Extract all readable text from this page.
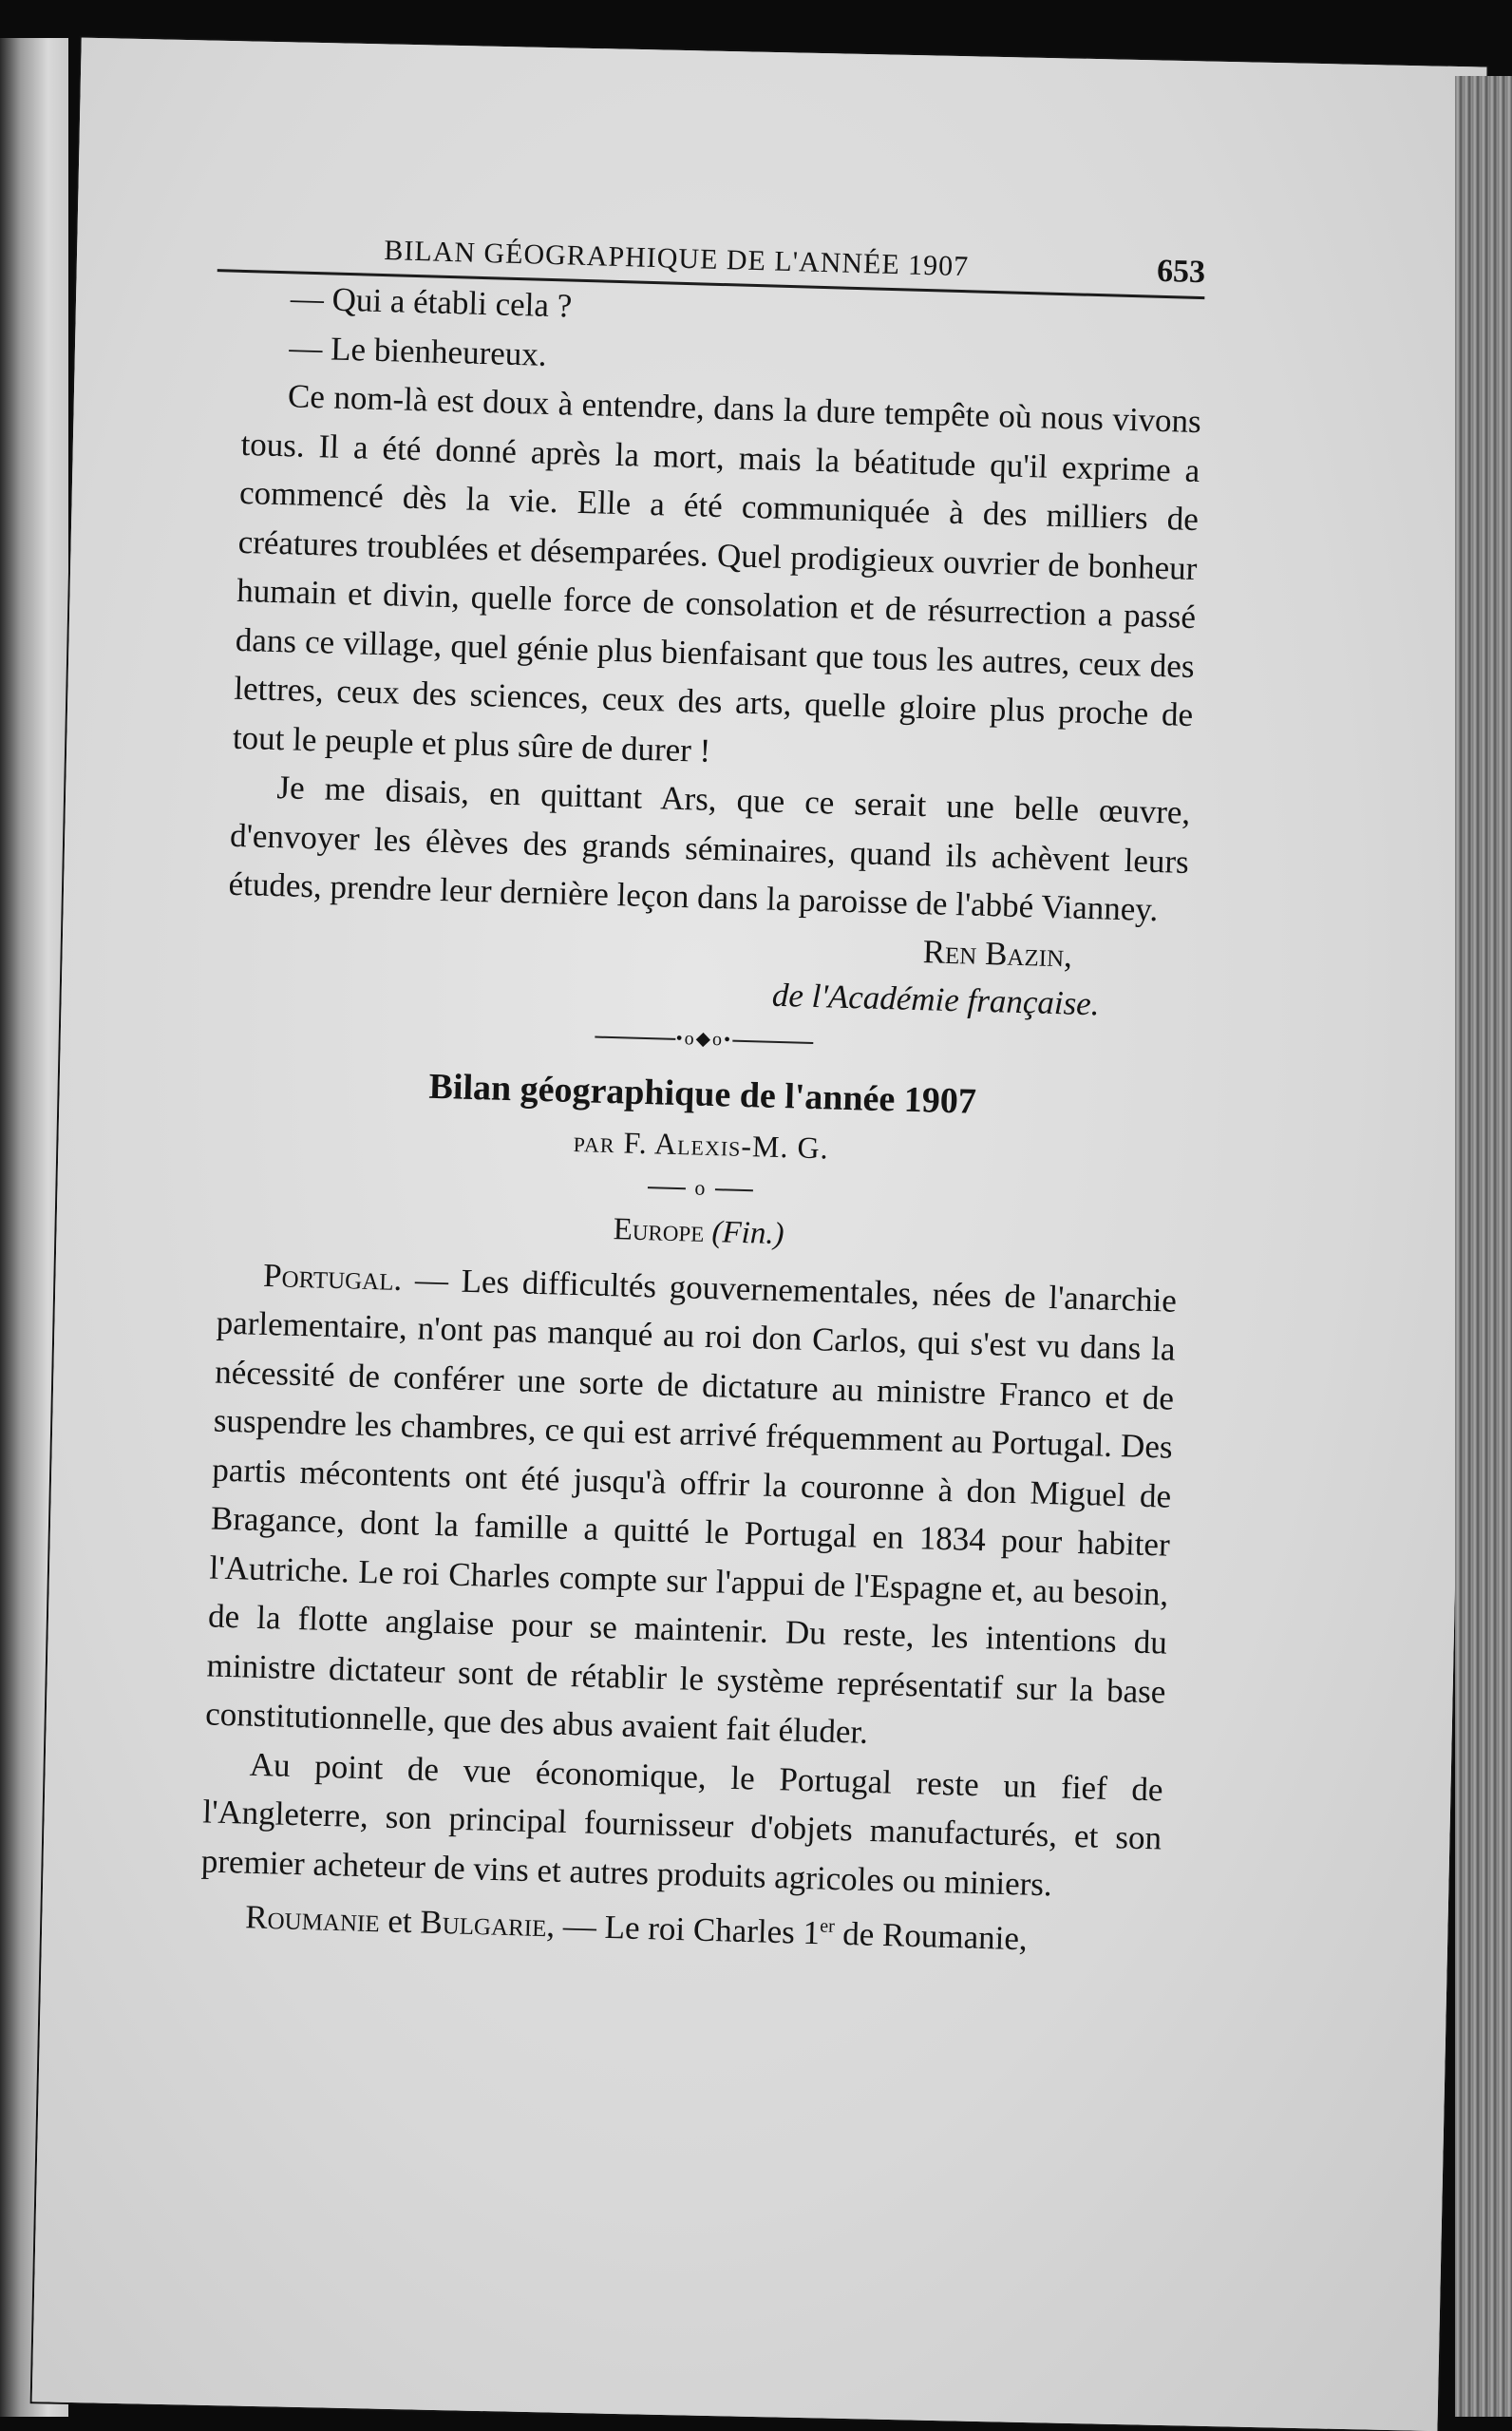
BILAN GÉOGRAPHIQUE DE L'ANNÉE 1907	653

— Qui a établi cela ?

— Le bienheureux.

Ce nom-là est doux à entendre, dans la dure tempête où nous vivons tous. Il a été donné après la mort, mais la béatitude qu'il exprime a commencé dès la vie. Elle a été communiquée à des milliers de créatures troublées et désemparées. Quel prodigieux ouvrier de bonheur humain et divin, quelle force de consolation et de résurrection a passé dans ce village, quel génie plus bienfaisant que tous les autres, ceux des lettres, ceux des sciences, ceux des arts, quelle gloire plus proche de tout le peuple et plus sûre de durer !

Je me disais, en quittant Ars, que ce serait une belle œuvre, d'envoyer les élèves des grands séminaires, quand ils achèvent leurs études, prendre leur dernière leçon dans la paroisse de l'abbé Vianney.

Ren Bazin,
de l'Académie française.
•o◆o•
Bilan géographique de l'année 1907
par F. Alexis-M. G.
o
Europe (Fin.)

Portugal. — Les difficultés gouvernementales, nées de l'anarchie parlementaire, n'ont pas manqué au roi don Carlos, qui s'est vu dans la nécessité de conférer une sorte de dictature au ministre Franco et de suspendre les chambres, ce qui est arrivé fréquemment au Portugal. Des partis mécontents ont été jusqu'à offrir la couronne à don Miguel de Bragance, dont la famille a quitté le Portugal en 1834 pour habiter l'Autriche. Le roi Charles compte sur l'appui de l'Espagne et, au besoin, de la flotte anglaise pour se maintenir. Du reste, les intentions du ministre dictateur sont de rétablir le système représentatif sur la base constitutionnelle, que des abus avaient fait éluder.

Au point de vue économique, le Portugal reste un fief de l'Angleterre, son principal fournisseur d'objets manufacturés, et son premier acheteur de vins et autres produits agricoles ou miniers.

Roumanie et Bulgarie, — Le roi Charles 1er de Roumanie,
